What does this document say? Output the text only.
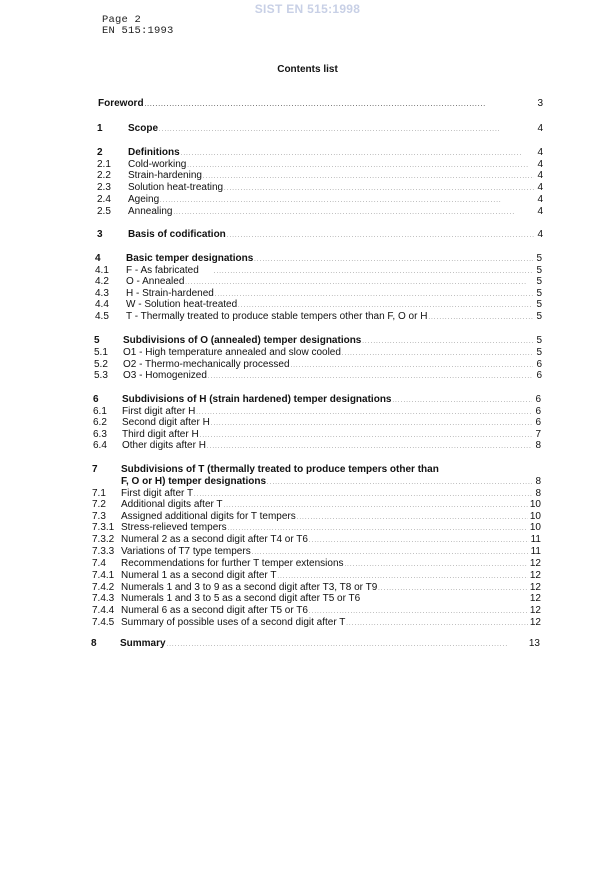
SIST EN 515:1998
Page 2
EN 515:1993
Contents list
Foreword . . .	3
1	Scope . . .	4
2	Definitions . . .	4
2.1 Cold-working . . .	4
2.2 Strain-hardening . . .	4
2.3 Solution heat-treating . . .	4
2.4 Ageing . . .	4
2.5 Annealing . . .	4
3	Basis of codification . . .	4
4	Basic temper designations . . .	5
4.1 F - As fabricated . . .	5
4.2 O - Annealed . . .	5
4.3 H - Strain-hardened . . .	5
4.4 W - Solution heat-treated . . .	5
4.5 T - Thermally treated to produce stable tempers other than F, O or H . . .	5
5 Subdivisions of O (annealed) temper designations . . .	5
5.1 O1 - High temperature annealed and slow cooled . . .	5
5.2 O2 - Thermo-mechanically processed . . .	6
5.3 O3 - Homogenized . . .	6
6 Subdivisions of H (strain hardened) temper designations . . .	6
6.1 First digit after H . . .	6
6.2 Second digit after H . . .	6
6.3 Third digit after H . . .	7
6.4 Other digits after H . . .	8
7 Subdivisions of T (thermally treated to produce tempers other than
F, O or H) temper designations . . .	8
7.1 First digit after T . . .	8
7.2 Additional digits after T . . .	10
7.3 Assigned additional digits for T tempers . . .	10
7.3.1 Stress-relieved tempers . . .	10
7.3.2 Numeral 2 as a second digit after T4 or T6 . . .	11
7.3.3 Variations of T7 type tempers . . .	11
7.4 Recommendations for further T temper extensions . . .	12
7.4.1 Numeral 1 as a second digit after T . . .	12
7.4.2 Numerals 1 and 3 to 9 as a second digit after T3, T8 or T9 . . .	12
7.4.3 Numerals 1 and 3 to 5 as a second digit after T5 or T6	12
7.4.4 Numeral 6 as a second digit after T5 or T6 . . .	12
7.4.5 Summary of possible uses of a second digit after T . . .	12
8 Summary . . .	13
